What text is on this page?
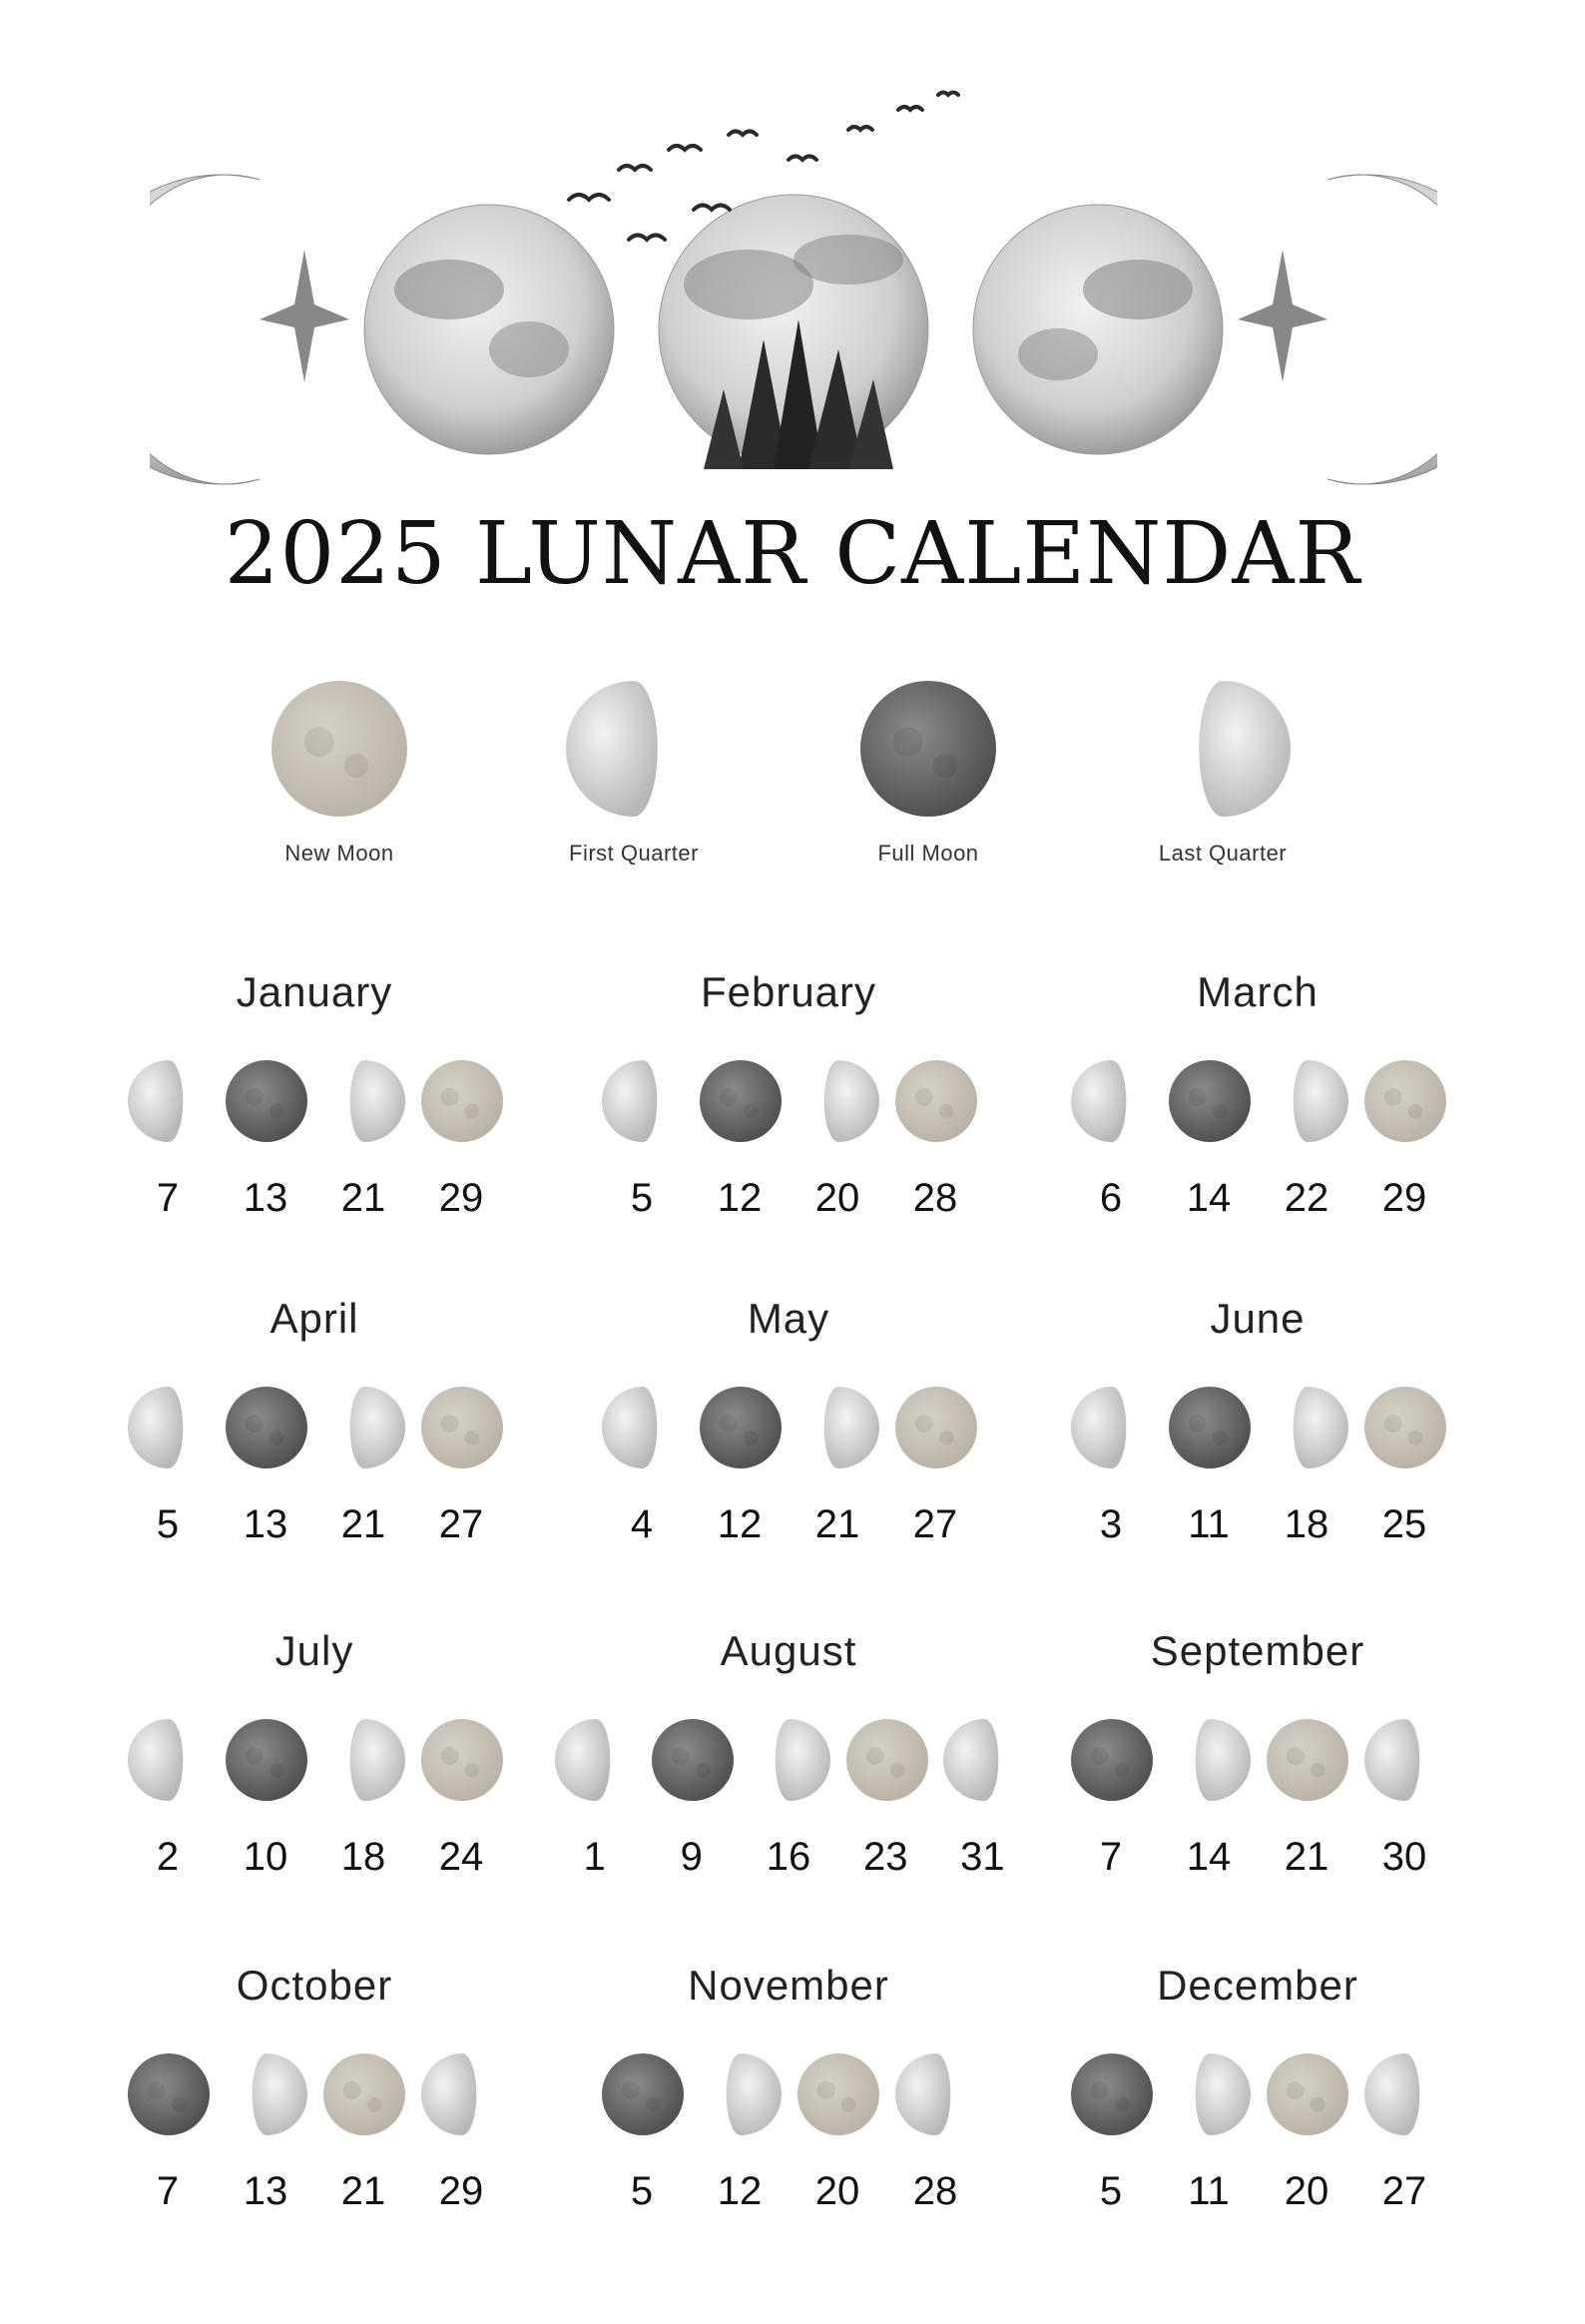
2025 LUNAR CALENDAR
New Moon	First Quarter	Full Moon	Last Quarter
January
7	13	21	29
February
5	12	20	28
March
6	14	22	29
April
5	13	21	27
May
4	12	21	27
June
3	11	18	25
July
2	10	18	24
August
1	9	16	23	31
September
7	14	21	30
October
7	13	21	29
November
5	12	20	28
December
5	11	20	27
